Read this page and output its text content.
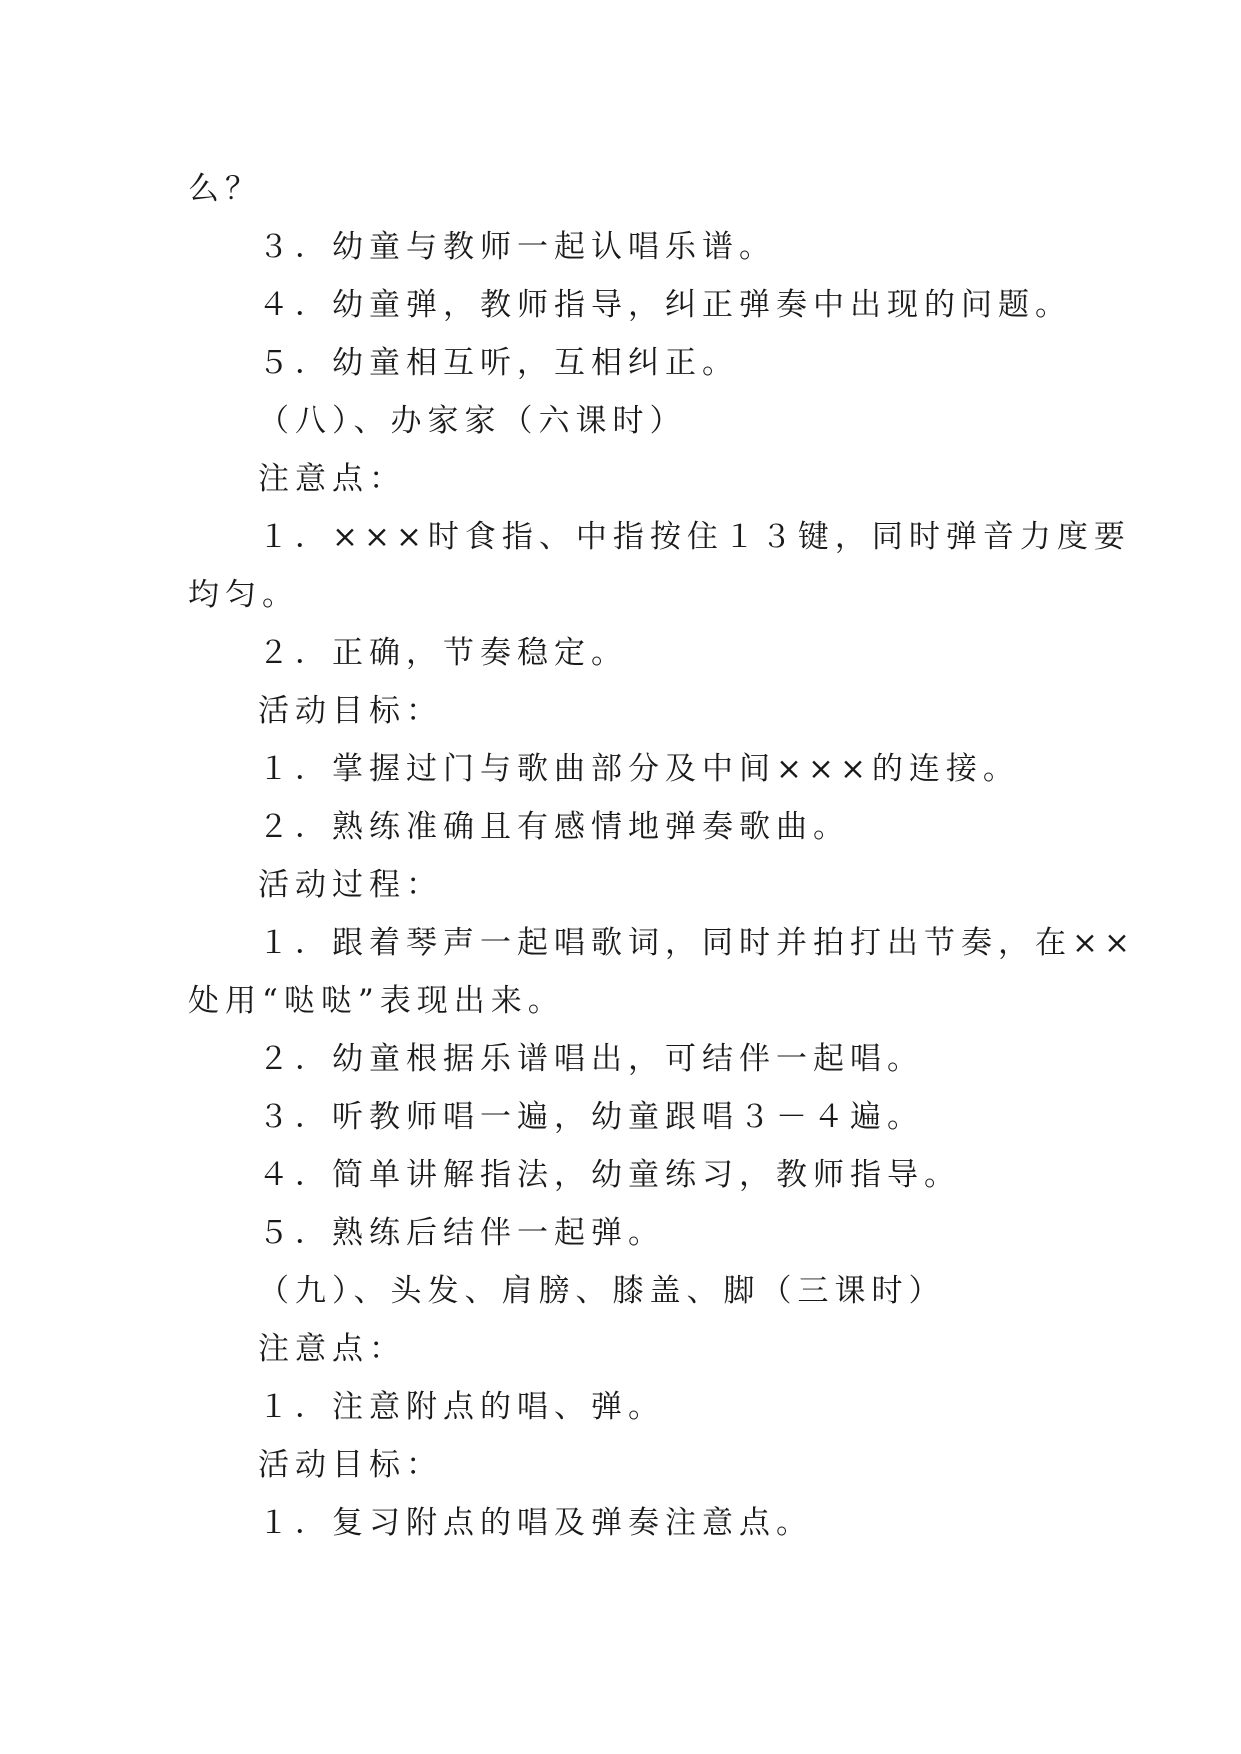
么？
３．幼童与教师一起认唱乐谱。
４．幼童弹，教师指导，纠正弹奏中出现的问题。
５．幼童相互听，互相纠正。
（八）、办家家（六课时）
注意点：
１．×××时食指、中指按住１３键，同时弹音力度要
均匀。
２．正确，节奏稳定。
活动目标：
１．掌握过门与歌曲部分及中间×××的连接。
２．熟练准确且有感情地弹奏歌曲。
活动过程：
１．跟着琴声一起唱歌词，同时并拍打出节奏，在××
处用“哒哒”表现出来。
２．幼童根据乐谱唱出，可结伴一起唱。
３．听教师唱一遍，幼童跟唱３－４遍。
４．简单讲解指法，幼童练习，教师指导。
５．熟练后结伴一起弹。
（九）、头发、肩膀、膝盖、脚（三课时）
注意点：
１．注意附点的唱、弹。
活动目标：
１．复习附点的唱及弹奏注意点。
